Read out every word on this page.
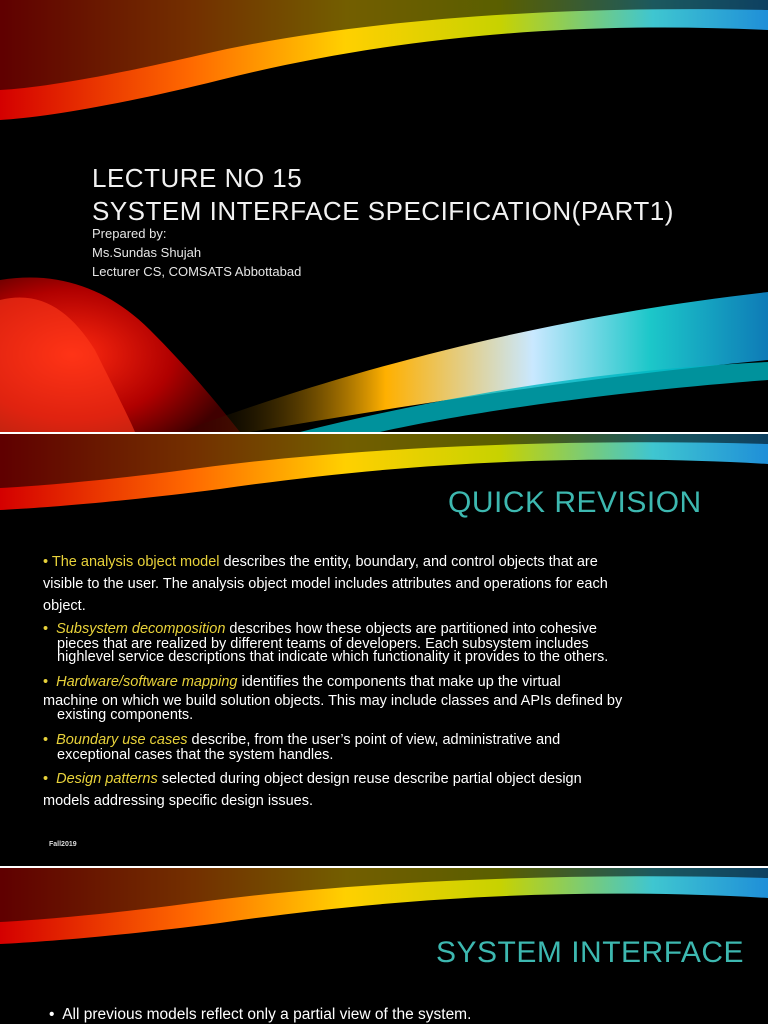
LECTURE NO 15
SYSTEM INTERFACE SPECIFICATION(PART1)
Prepared by:
Ms.Sundas Shujah
Lecturer CS, COMSATS Abbottabad
QUICK REVISION

• The analysis object model describes the entity, boundary, and control objects that are

visible to the user. The analysis object model includes attributes and operations for each

object.

• Subsystem decomposition describes how these objects are partitioned into cohesive

pieces that are realized by different teams of developers. Each subsystem includes

highlevel service descriptions that indicate which functionality it provides to the others.

• Hardware/software mapping identifies the components that make up the virtual

machine on which we build solution objects. This may include classes and APIs defined by

existing components.

• Boundary use cases describe, from the user’s point of view, administrative and

exceptional cases that the system handles.

• Design patterns selected during object design reuse describe partial object design

models addressing specific design issues.

Fall2019
SYSTEM INTERFACE
• All previous models reflect only a partial view of the system.
